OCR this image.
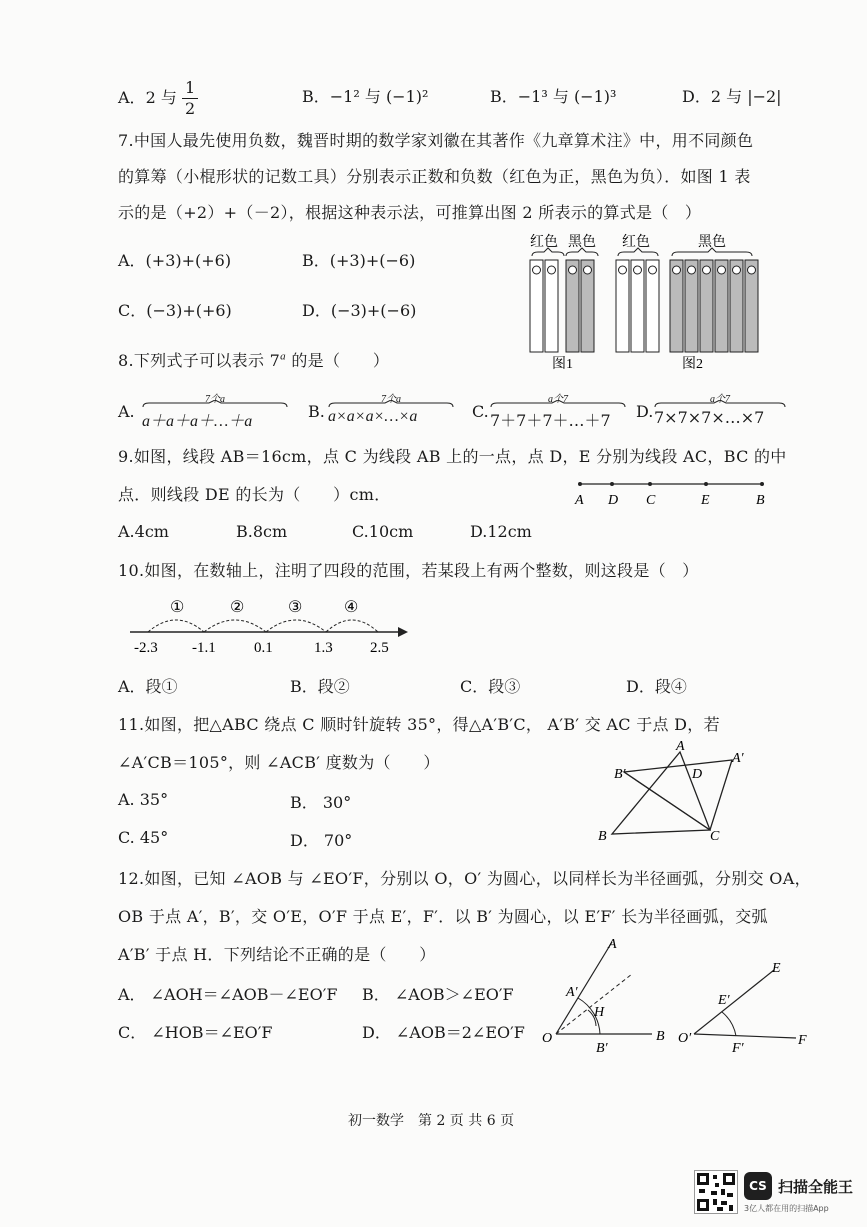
A．2 与 $\frac{1}{2}$	B．−1² 与 (−1)²	B．−1³ 与 (−1)³	D．2 与 |−2|
7.中国人最先使用负数，魏晋时期的数学家刘徽在其著作《九章算术注》中，用不同颜色
的算筹（小棍形状的记数工具）分别表示正数和负数（红色为正，黑色为负）．如图 1 表
示的是（+2）+（－2），根据这种表示法，可推算出图 2 所表示的算式是（　）
A．(+3)+(+6)	B．(+3)+(−6)
C．(−3)+(+6)	D．(−3)+(−6)
红色 黑色 红色	黑色
图1	图2
8.下列式子可以表示 7$^a$ 的是（　　）
A.
7个a
a＋a＋a＋…＋a
B.
7个a
a×a×a×…×a	C.
a个7
7＋7＋7＋…＋7 D.
a个7
7×7×7×…×7
9.如图，线段 AB＝16cm，点 C 为线段 AB 上的一点，点 D，E 分别为线段 AC，BC 的中
点．则线段 DE 的长为（　　）cm．	A D C	E	B
A.4cm	B.8cm	C.10cm	D.12cm
10.如图，在数轴上，注明了四段的范围，若某段上有两个整数，则这段是（　）
①	②	③	④
-2.3 -1.1	0.1	1.3 2.5
A．段①	B．段②	C．段③	D．段④
11.如图，把△ABC 绕点 C 顺时针旋转 35°，得△A′B′C， A′B′ 交 AC 于点 D，若
∠A′CB＝105°，则 ∠ACB′ 度数为（　　）
A. 35°	B． 30°
C. 45°	D． 70°
A
A′
B′	D
B	C
12.如图，已知 ∠AOB 与 ∠EO′F，分别以 O，O′ 为圆心，以同样长为半径画弧，分别交 OA，
OB 于点 A′，B′，交 O′E，O′F 于点 E′，F′．以 B′ 为圆心，以 E′F′ 长为半径画弧，交弧
A′B′ 于点 H．下列结论不正确的是（　　）
A． ∠AOH＝∠AOB－∠EO′F B． ∠AOB＞∠EO′F
C． ∠HOB＝∠EO′F	D． ∠AOB＝2∠EO′F
A
A′
H
O
B′
B
E
E′
O′
F′
F
初一数学　第 2 页 共 6 页
CS 扫描全能王
3亿人都在用的扫描App
